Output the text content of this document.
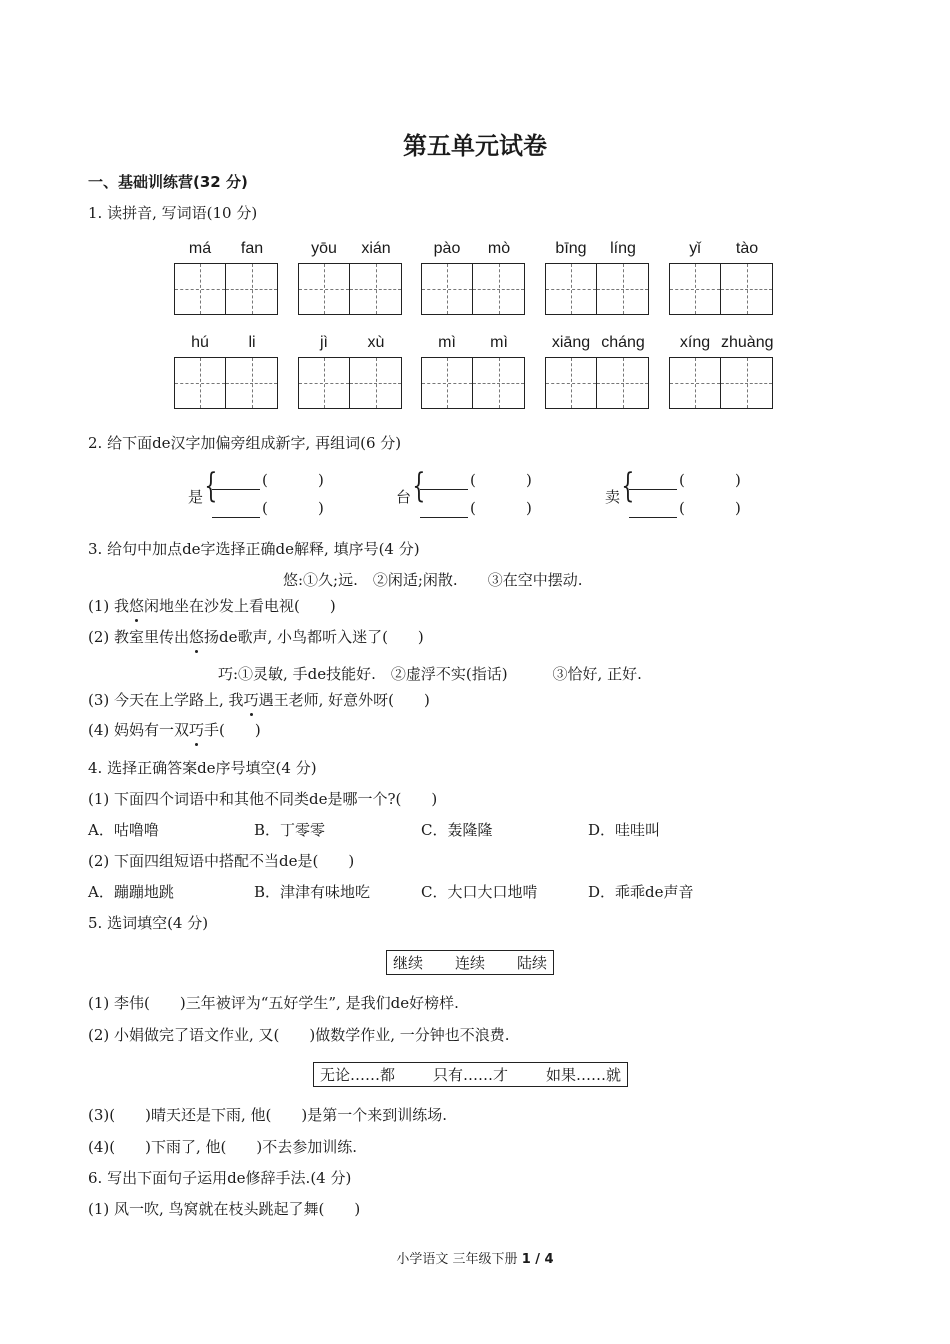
第五单元试卷
一、基础训练营(32 分)
1. 读拼音, 写词语(10 分)
má	fan	yōu	xián	pào	mò	bīng	líng	yǐ	tào
hú	li	jì	xù	mì	mì	xiāng cháng	xíng zhuàng
2. 给下面de汉字加偏旁组成新字, 再组词(6 分)
是 {	(	)
(	)
台 {	(	)
(	)
卖 {	(	)
(	)
3. 给句中加点de字选择正确de解释, 填序号(4 分)
悠:①久;远.　②闲适;闲散.　　③在空中摆动.
(1) 我悠闲地坐在沙发上看电视(　　)
(2) 教室里传出悠扬de歌声, 小鸟都听入迷了(　　)
巧:①灵敏, 手de技能好.　②虚浮不实(指话)　　　③恰好, 正好.
(3) 今天在上学路上, 我巧遇王老师, 好意外呀(　　)
(4) 妈妈有一双巧手(　　)
4. 选择正确答案de序号填空(4 分)
(1) 下面四个词语中和其他不同类de是哪一个?(　　)
A．咕噜噜	B．丁零零	C．轰隆隆	D．哇哇叫
(2) 下面四组短语中搭配不当de是(　　)
A．蹦蹦地跳	B．津津有味地吃	C．大口大口地啃	D．乖乖de声音
5. 选词填空(4 分)
继续 连续 陆续
(1) 李伟(　　)三年被评为“五好学生”, 是我们de好榜样.
(2) 小娟做完了语文作业, 又(　　)做数学作业, 一分钟也不浪费.
无论……都	只有……才	如果……就
(3)(　　)晴天还是下雨, 他(　　)是第一个来到训练场.
(4)(　　)下雨了, 他(　　)不去参加训练.
6. 写出下面句子运用de修辞手法.(4 分)
(1) 风一吹, 鸟窝就在枝头跳起了舞(　　)
小学语文 三年级下册 1 / 4
